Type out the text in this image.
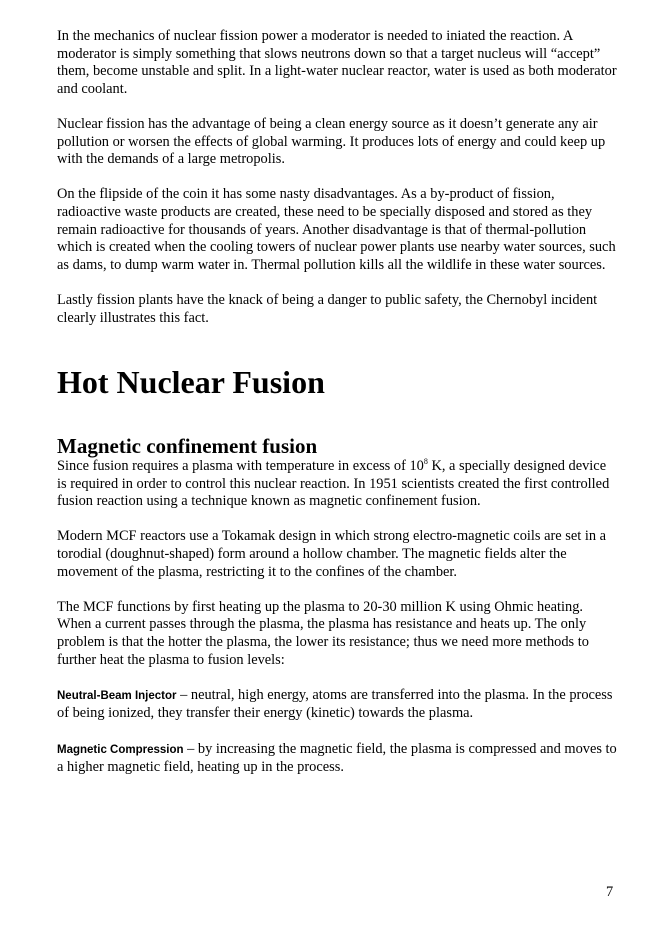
In the mechanics of nuclear fission power a moderator is needed to iniated the reaction. A moderator is simply something that slows neutrons down so that a target nucleus will “accept” them, become unstable and split. In a light-water nuclear reactor, water is used as both moderator and coolant.

Nuclear fission has the advantage of being a clean energy source as it doesn’t generate any air pollution or worsen the effects of global warming. It produces lots of energy and could keep up with the demands of a large metropolis.

On the flipside of the coin it has some nasty disadvantages. As a by-product of fission, radioactive waste products are created, these need to be specially disposed and stored as they remain radioactive for thousands of years. Another disadvantage is that of thermal-pollution which is created when the cooling towers of nuclear power plants use nearby water sources, such as dams, to dump warm water in. Thermal pollution kills all the wildlife in these water sources.

Lastly fission plants have the knack of being a danger to public safety, the Chernobyl incident clearly illustrates this fact.

Hot Nuclear Fusion
Magnetic confinement fusion

Since fusion requires a plasma with temperature in excess of $10^8$ K, a specially designed device is required in order to control this nuclear reaction. In 1951 scientists created the first controlled fusion reaction using a technique known as magnetic confinement fusion.

Modern MCF reactors use a Tokamak design in which strong electro-magnetic coils are set in a torodial (doughnut-shaped) form around a hollow chamber. The magnetic fields alter the movement of the plasma, restricting it to the confines of the chamber.

The MCF functions by first heating up the plasma to 20-30 million K using Ohmic heating. When a current passes through the plasma, the plasma has resistance and heats up. The only problem is that the hotter the plasma, the lower its resistance; thus we need more methods to further heat the plasma to fusion levels:

Neutral-Beam Injector – neutral, high energy, atoms are transferred into the plasma. In the process of being ionized, they transfer their energy (kinetic) towards the plasma.

Magnetic Compression – by increasing the magnetic field, the plasma is compressed and moves to a higher magnetic field, heating up in the process.

7
